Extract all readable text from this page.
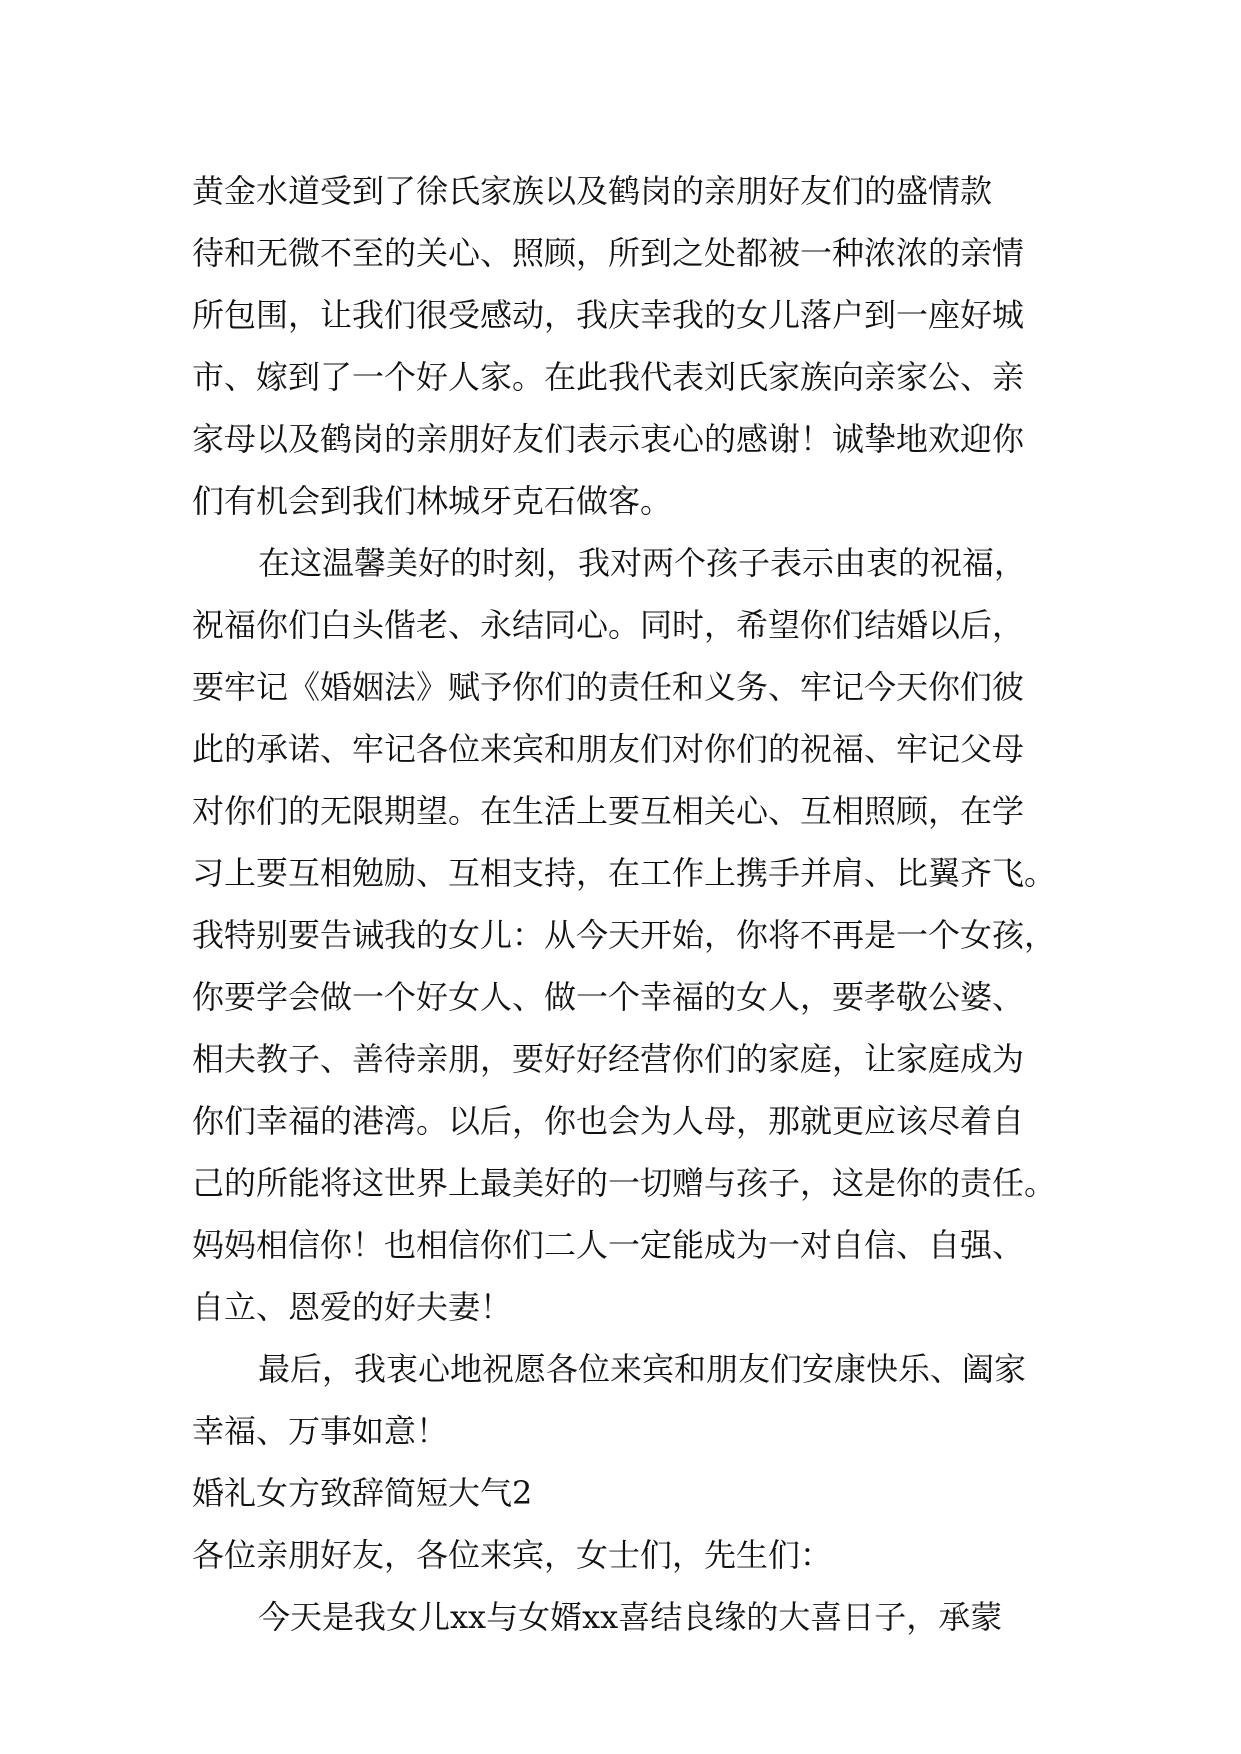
黄金水道受到了徐氏家族以及鹤岗的亲朋好友们的盛情款
待和无微不至的关心、照顾，所到之处都被一种浓浓的亲情
所包围，让我们很受感动，我庆幸我的女儿落户到一座好城
市、嫁到了一个好人家。在此我代表刘氏家族向亲家公、亲
家母以及鹤岗的亲朋好友们表示衷心的感谢！诚挚地欢迎你
们有机会到我们林城牙克石做客。
在这温馨美好的时刻，我对两个孩子表示由衷的祝福，
祝福你们白头偕老、永结同心。同时，希望你们结婚以后，
要牢记《婚姻法》赋予你们的责任和义务、牢记今天你们彼
此的承诺、牢记各位来宾和朋友们对你们的祝福、牢记父母
对你们的无限期望。在生活上要互相关心、互相照顾，在学
习上要互相勉励、互相支持，在工作上携手并肩、比翼齐飞。
我特别要告诫我的女儿：从今天开始，你将不再是一个女孩，
你要学会做一个好女人、做一个幸福的女人，要孝敬公婆、
相夫教子、善待亲朋，要好好经营你们的家庭，让家庭成为
你们幸福的港湾。以后，你也会为人母，那就更应该尽着自
己的所能将这世界上最美好的一切赠与孩子，这是你的责任。
妈妈相信你！也相信你们二人一定能成为一对自信、自强、
自立、恩爱的好夫妻！
最后，我衷心地祝愿各位来宾和朋友们安康快乐、阖家
幸福、万事如意！
婚礼女方致辞简短大气2
各位亲朋好友，各位来宾，女士们，先生们：
今天是我女儿xx与女婿xx喜结良缘的大喜日子，承蒙
